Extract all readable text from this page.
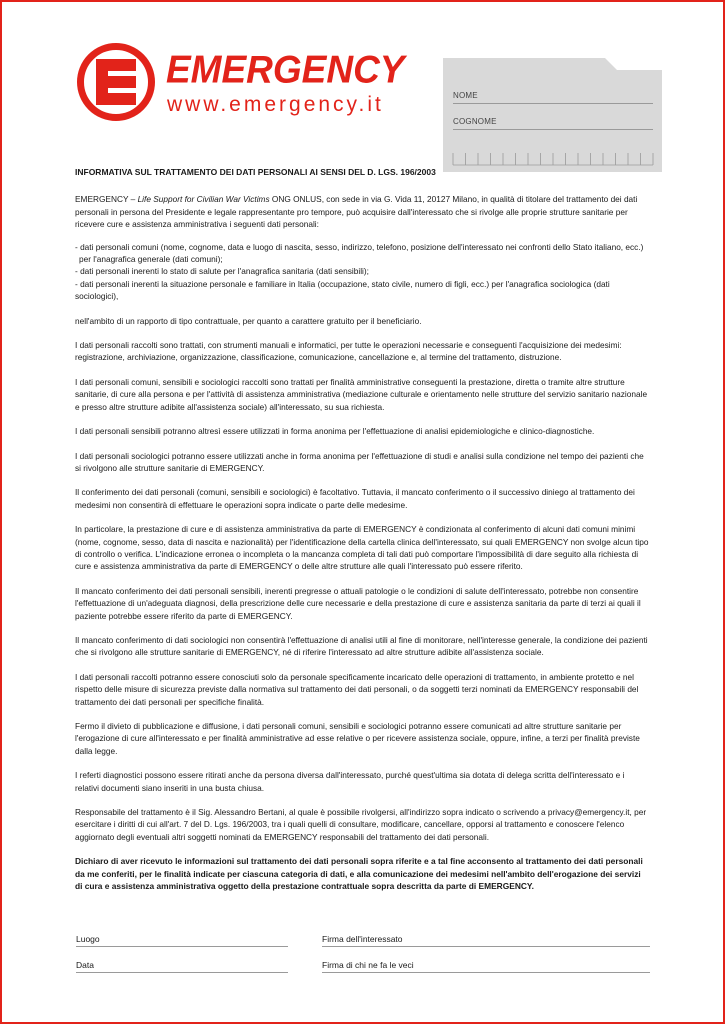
EMERGENCY
www.emergency.it	NOME
COGNOME

INFORMATIVA SUL TRATTAMENTO DEI DATI PERSONALI AI SENSI DEL D. LGS. 196/2003

EMERGENCY – Life Support for Civilian War Victims ONG ONLUS, con sede in via G. Vida 11, 20127 Milano, in qualità di titolare del trattamento dei dati personali in persona del Presidente e legale rappresentante pro tempore, può acquisire dall'interessato che si rivolge alle proprie strutture sanitarie per ricevere cure e assistenza amministrativa i seguenti dati personali:

- dati personali comuni (nome, cognome, data e luogo di nascita, sesso, indirizzo, telefono, posizione dell'interessato nei confronti dello Stato italiano, ecc.)
per l'anagrafica generale (dati comuni);
- dati personali inerenti lo stato di salute per l'anagrafica sanitaria (dati sensibili);
- dati personali inerenti la situazione personale e familiare in Italia (occupazione, stato civile, numero di figli, ecc.) per l'anagrafica sociologica (dati sociologici),

nell'ambito di un rapporto di tipo contrattuale, per quanto a carattere gratuito per il beneficiario.

I dati personali raccolti sono trattati, con strumenti manuali e informatici, per tutte le operazioni necessarie e conseguenti l'acquisizione dei medesimi: registrazione, archiviazione, organizzazione, classificazione, comunicazione, cancellazione e, al termine del trattamento, distruzione.

I dati personali comuni, sensibili e sociologici raccolti sono trattati per finalità amministrative conseguenti la prestazione, diretta o tramite altre strutture sanitarie, di cure alla persona e per l'attività di assistenza amministrativa (mediazione culturale e orientamento nelle strutture del servizio sanitario nazionale e presso altre strutture adibite all'assistenza sociale) all'interessato, su sua richiesta.

I dati personali sensibili potranno altresì essere utilizzati in forma anonima per l'effettuazione di analisi epidemiologiche e clinico-diagnostiche.

I dati personali sociologici potranno essere utilizzati anche in forma anonima per l'effettuazione di studi e analisi sulla condizione nel tempo dei pazienti che si rivolgono alle strutture sanitarie di EMERGENCY.

Il conferimento dei dati personali (comuni, sensibili e sociologici) è facoltativo. Tuttavia, il mancato conferimento o il successivo diniego al trattamento dei medesimi non consentirà di effettuare le operazioni sopra indicate o parte delle medesime.

In particolare, la prestazione di cure e di assistenza amministrativa da parte di EMERGENCY è condizionata al conferimento di alcuni dati comuni minimi (nome, cognome, sesso, data di nascita e nazionalità) per l'identificazione della cartella clinica dell'interessato, sui quali EMERGENCY non svolge alcun tipo di controllo o verifica. L'indicazione erronea o incompleta o la mancanza completa di tali dati può comportare l'impossibilità di dare seguito alla richiesta di cure e assistenza amministrativa da parte di EMERGENCY o delle altre strutture alle quali l'interessato può essere riferito.

Il mancato conferimento dei dati personali sensibili, inerenti pregresse o attuali patologie o le condizioni di salute dell'interessato, potrebbe non consentire l'effettuazione di un'adeguata diagnosi, della prescrizione delle cure necessarie e della prestazione di cure e assistenza sanitaria da parte di terzi ai quali il paziente potrebbe essere riferito da parte di EMERGENCY.

Il mancato conferimento di dati sociologici non consentirà l'effettuazione di analisi utili al fine di monitorare, nell'interesse generale, la condizione dei pazienti che si rivolgono alle strutture sanitarie di EMERGENCY, né di riferire l'interessato ad altre strutture adibite all'assistenza sociale.

I dati personali raccolti potranno essere conosciuti solo da personale specificamente incaricato delle operazioni di trattamento, in ambiente protetto e nel rispetto delle misure di sicurezza previste dalla normativa sul trattamento dei dati personali, o da soggetti terzi nominati da EMERGENCY responsabili del trattamento dei dati personali per specifiche finalità.

Fermo il divieto di pubblicazione e diffusione, i dati personali comuni, sensibili e sociologici potranno essere comunicati ad altre strutture sanitarie per l'erogazione di cure all'interessato e per finalità amministrative ad esse relative o per ricevere assistenza sociale, oppure, infine, a terzi per finalità previste dalla legge.

I referti diagnostici possono essere ritirati anche da persona diversa dall'interessato, purché quest'ultima sia dotata di delega scritta dell'interessato e i relativi documenti siano inseriti in una busta chiusa.

Responsabile del trattamento è il Sig. Alessandro Bertani, al quale è possibile rivolgersi, all'indirizzo sopra indicato o scrivendo a privacy@emergency.it, per esercitare i diritti di cui all'art. 7 del D. Lgs. 196/2003, tra i quali quelli di consultare, modificare, cancellare, opporsi al trattamento e conoscere l'elenco aggiornato degli eventuali altri soggetti nominati da EMERGENCY responsabili del trattamento dei dati personali.

Dichiaro di aver ricevuto le informazioni sul trattamento dei dati personali sopra riferite e a tal fine acconsento al trattamento dei dati personali da me conferiti, per le finalità indicate per ciascuna categoria di dati, e alla comunicazione dei medesimi nell'ambito dell'erogazione dei servizi di cura e assistenza amministrativa oggetto della prestazione contrattuale sopra descritta da parte di EMERGENCY.

Luogo	Firma dell'interessato
Data	Firma di chi ne fa le veci
